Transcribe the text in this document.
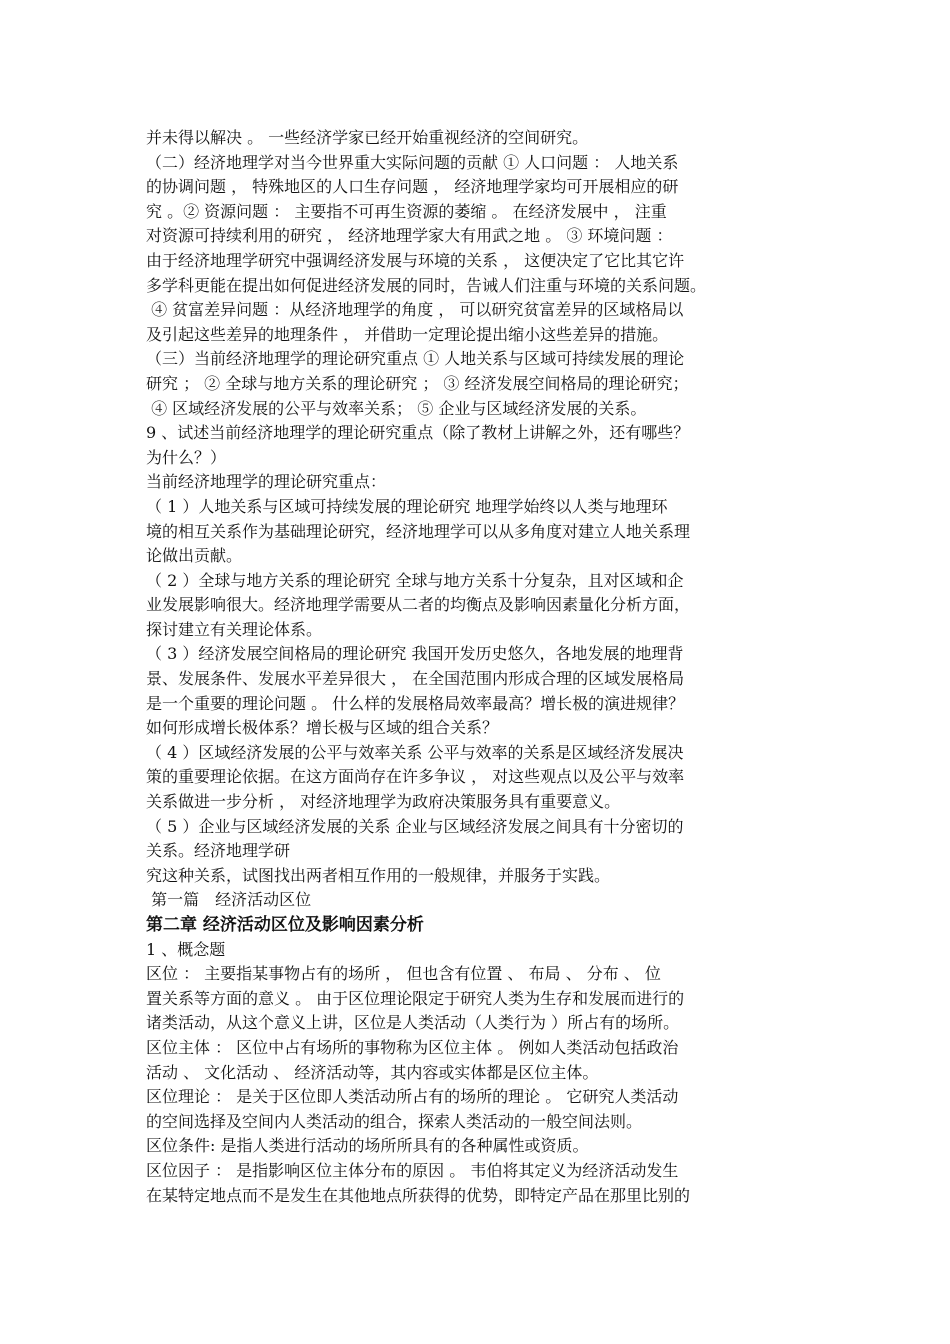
并未得以解决 。 一些经济学家已经开始重视经济的空间研究。
（二）经济地理学对当今世界重大实际问题的贡献 ① 人口问题 ： 人地关系
的协调问题 ， 特殊地区的人口生存问题 ， 经济地理学家均可开展相应的研
究 。② 资源问题 ： 主要指不可再生资源的萎缩 。 在经济发展中 ， 注重
对资源可持续利用的研究 ， 经济地理学家大有用武之地 。 ③ 环境问题 ：
由于经济地理学研究中强调经济发展与环境的关系 ， 这便决定了它比其它许
多学科更能在提出如何促进经济发展的同时，告诫人们注重与环境的关系问题。
④ 贫富差异问题 ：从经济地理学的角度 ， 可以研究贫富差异的区域格局以
及引起这些差异的地理条件 ， 并借助一定理论提出缩小这些差异的措施。
（三）当前经济地理学的理论研究重点 ① 人地关系与区域可持续发展的理论
研究 ； ② 全球与地方关系的理论研究 ； ③ 经济发展空间格局的理论研究；
④ 区域经济发展的公平与效率关系； ⑤ 企业与区域经济发展的关系。
9 、试述当前经济地理学的理论研究重点（除了教材上讲解之外，还有哪些？
为什么？）
当前经济地理学的理论研究重点：
（ 1 ）人地关系与区域可持续发展的理论研究 地理学始终以人类与地理环
境的相互关系作为基础理论研究，经济地理学可以从多角度对建立人地关系理
论做出贡献。
（ 2 ）全球与地方关系的理论研究 全球与地方关系十分复杂，且对区域和企
业发展影响很大。经济地理学需要从二者的均衡点及影响因素量化分析方面，
探讨建立有关理论体系。
（ 3 ）经济发展空间格局的理论研究 我国开发历史悠久，各地发展的地理背
景、发展条件、发展水平差异很大 ， 在全国范围内形成合理的区域发展格局
是一个重要的理论问题 。 什么样的发展格局效率最高？增长极的演进规律？
如何形成增长极体系？增长极与区域的组合关系？
（ 4 ）区域经济发展的公平与效率关系 公平与效率的关系是区域经济发展决
策的重要理论依据。在这方面尚存在许多争议 ， 对这些观点以及公平与效率
关系做进一步分析 ， 对经济地理学为政府决策服务具有重要意义。
（ 5 ）企业与区域经济发展的关系 企业与区域经济发展之间具有十分密切的
关系。经济地理学研
究这种关系，试图找出两者相互作用的一般规律，并服务于实践。
第一篇　经济活动区位
第二章 经济活动区位及影响因素分析
1 、概念题
区位 ： 主要指某事物占有的场所 ， 但也含有位置 、 布局 、 分布 、 位
置关系等方面的意义 。 由于区位理论限定于研究人类为生存和发展而进行的
诸类活动，从这个意义上讲，区位是人类活动（人类行为 ）所占有的场所。
区位主体 ： 区位中占有场所的事物称为区位主体 。 例如人类活动包括政治
活动 、 文化活动 、 经济活动等，其内容或实体都是区位主体。
区位理论 ： 是关于区位即人类活动所占有的场所的理论 。 它研究人类活动
的空间选择及空间内人类活动的组合，探索人类活动的一般空间法则。
区位条件: 是指人类进行活动的场所所具有的各种属性或资质。
区位因子 ： 是指影响区位主体分布的原因 。 韦伯将其定义为经济活动发生
在某特定地点而不是发生在其他地点所获得的优势，即特定产品在那里比别的
